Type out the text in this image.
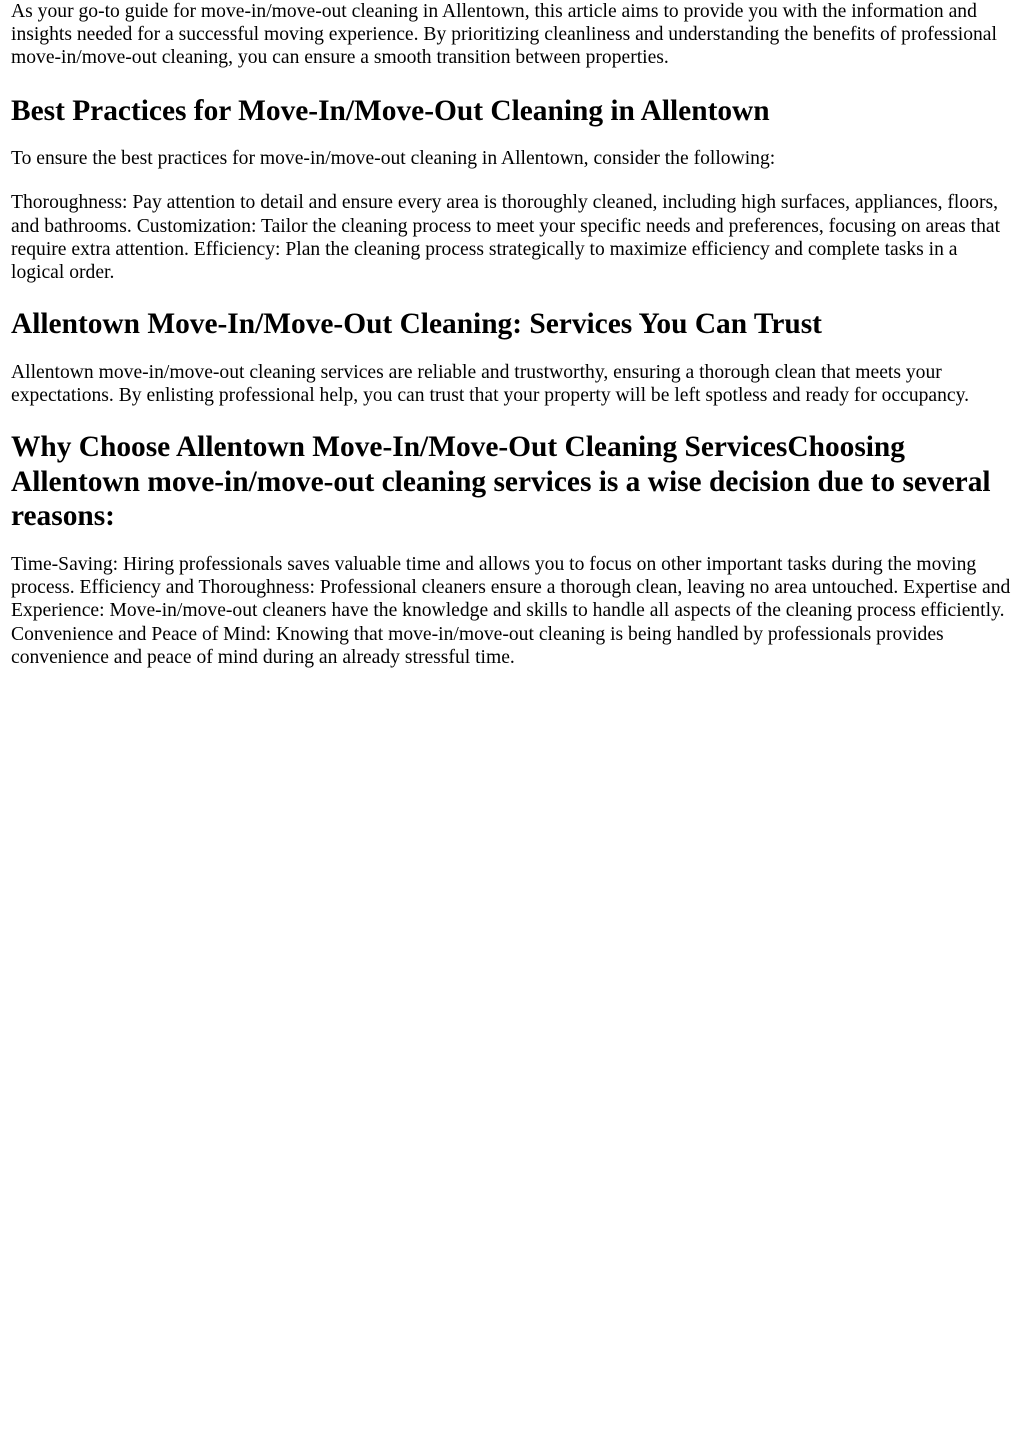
As your go-to guide for move-in/move-out cleaning in Allentown, this article aims to provide you with the information and insights needed for a successful moving experience. By prioritizing cleanliness and understanding the benefits of professional move-in/move-out cleaning, you can ensure a smooth transition between properties.

Best Practices for Move-In/Move-Out Cleaning in Allentown

To ensure the best practices for move-in/move-out cleaning in Allentown, consider the following:

Thoroughness: Pay attention to detail and ensure every area is thoroughly cleaned, including high surfaces, appliances, floors, and bathrooms. Customization: Tailor the cleaning process to meet your specific needs and preferences, focusing on areas that require extra attention. Efficiency: Plan the cleaning process strategically to maximize efficiency and complete tasks in a logical order.

Allentown Move-In/Move-Out Cleaning: Services You Can Trust

Allentown move-in/move-out cleaning services are reliable and trustworthy, ensuring a thorough clean that meets your expectations. By enlisting professional help, you can trust that your property will be left spotless and ready for occupancy.

Why Choose Allentown Move-In/Move-Out Cleaning ServicesChoosing Allentown move-in/move-out cleaning services is a wise decision due to several reasons:

Time-Saving: Hiring professionals saves valuable time and allows you to focus on other important tasks during the moving process. Efficiency and Thoroughness: Professional cleaners ensure a thorough clean, leaving no area untouched. Expertise and Experience: Move-in/move-out cleaners have the knowledge and skills to handle all aspects of the cleaning process efficiently. Convenience and Peace of Mind: Knowing that move-in/move-out cleaning is being handled by professionals provides convenience and peace of mind during an already stressful time.
